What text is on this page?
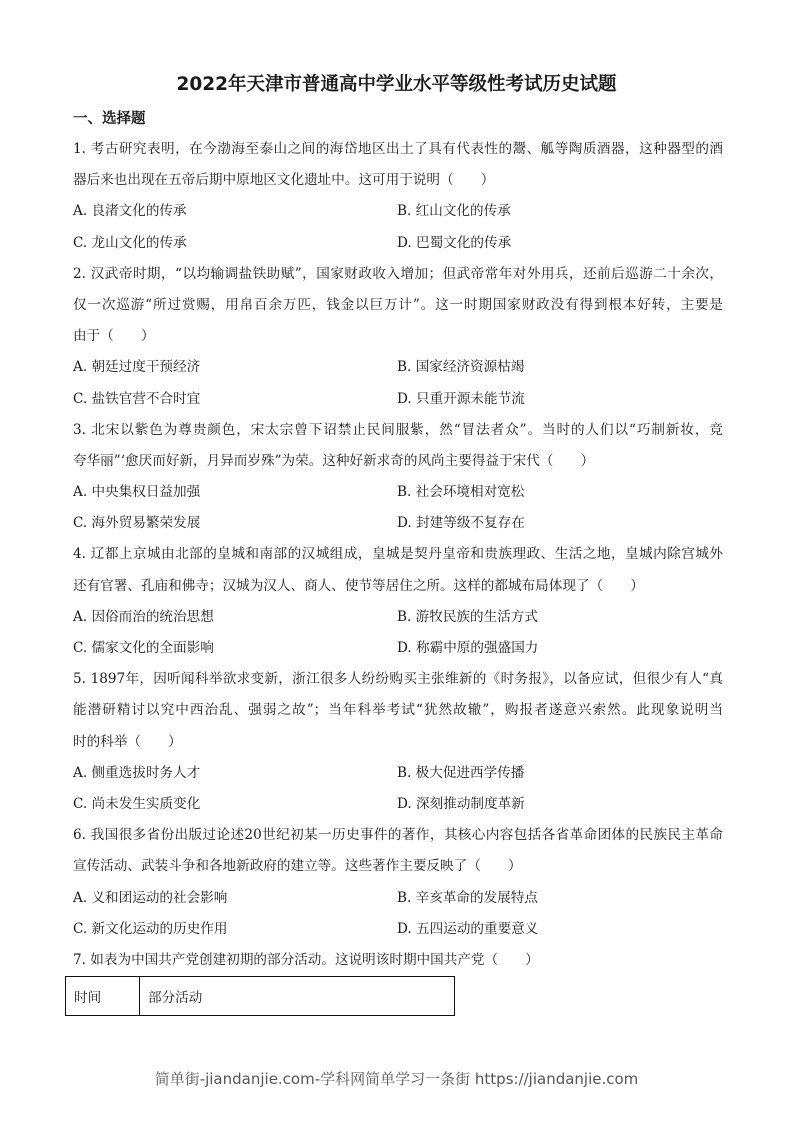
2022年天津市普通高中学业水平等级性考试历史试题
一、选择题
1. 考古研究表明，在今渤海至泰山之间的海岱地区出土了具有代表性的鬶、觚等陶质酒器，这种器型的酒
器后来也出现在五帝后期中原地区文化遗址中。这可用于说明（　　）
A. 良渚文化的传承	B. 红山文化的传承
C. 龙山文化的传承	D. 巴蜀文化的传承
2. 汉武帝时期，“以均输调盐铁助赋”，国家财政收入增加；但武帝常年对外用兵，还前后巡游二十余次，
仅一次巡游“所过赏赐，用帛百余万匹，钱金以巨万计”。这一时期国家财政没有得到根本好转，主要是
由于（　　）
A. 朝廷过度干预经济	B. 国家经济资源枯竭
C. 盐铁官营不合时宜	D. 只重开源未能节流
3. 北宋以紫色为尊贵颜色，宋太宗曾下诏禁止民间服紫，然“冒法者众”。当时的人们以“巧制新妆，竞
夸华丽”‘愈厌而好新，月异而岁殊”为荣。这种好新求奇的风尚主要得益于宋代（　　）
A. 中央集权日益加强	B. 社会环境相对宽松
C. 海外贸易繁荣发展	D. 封建等级不复存在
4. 辽都上京城由北部的皇城和南部的汉城组成，皇城是契丹皇帝和贵族理政、生活之地，皇城内除宫城外
还有官署、孔庙和佛寺；汉城为汉人、商人、使节等居住之所。这样的都城布局体现了（　　）
A. 因俗而治的统治思想	B. 游牧民族的生活方式
C. 儒家文化的全面影响	D. 称霸中原的强盛国力
5. 1897年，因听闻科举欲求变新，浙江很多人纷纷购买主张维新的《时务报》，以备应试，但很少有人“真
能潜研精讨以究中西治乱、强弱之故”；当年科举考试“犹然故辙”，购报者遂意兴索然。此现象说明当
时的科举（　　）
A. 侧重选拔时务人才	B. 极大促进西学传播
C. 尚未发生实质变化	D. 深刻推动制度革新
6. 我国很多省份出版过论述20世纪初某一历史事件的著作，其核心内容包括各省革命团体的民族民主革命
宣传活动、武装斗争和各地新政府的建立等。这些著作主要反映了（　　）
A. 义和团运动的社会影响	B. 辛亥革命的发展特点
C. 新文化运动的历史作用	D. 五四运动的重要意义
7. 如表为中国共产党创建初期的部分活动。这说明该时期中国共产党（　　）
时间	部分活动
简单街-jiandanjie.com-学科网简单学习一条街 https://jiandanjie.com
